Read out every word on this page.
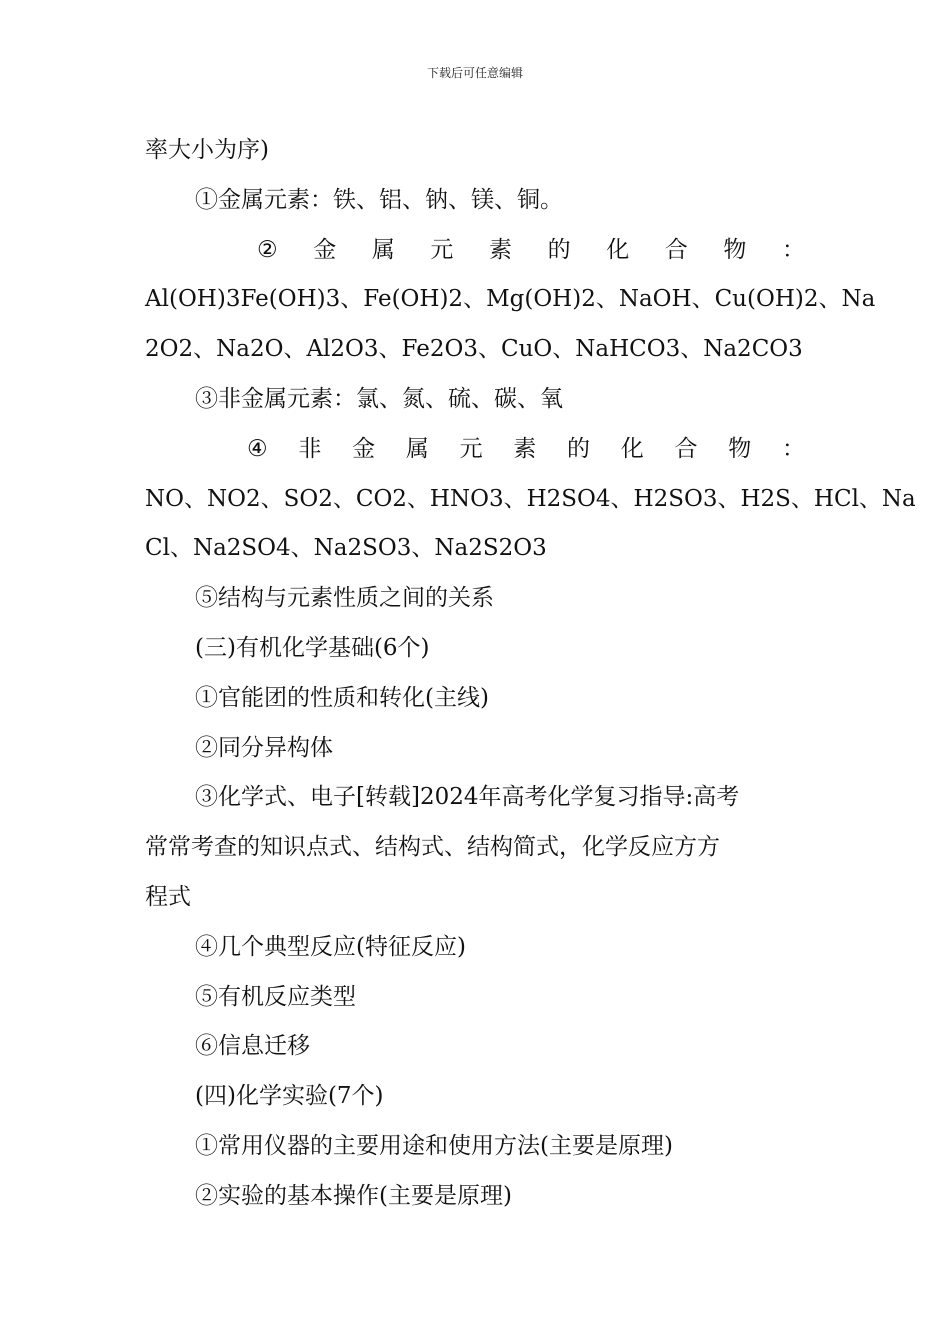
下载后可任意编辑
率大小为序)
①金属元素：铁、铝、钠、镁、铜。
② 金 属 元 素 的 化 合 物 ：
Al(OH)3Fe(OH)3、Fe(OH)2、Mg(OH)2、NaOH、Cu(OH)2、Na
2O2、Na2O、Al2O3、Fe2O3、CuO、NaHCO3、Na2CO3
③非金属元素：氯、氮、硫、碳、氧
④ 非 金 属 元 素 的 化 合 物 ：
NO、NO2、SO2、CO2、HNO3、H2SO4、H2SO3、H2S、HCl、Na
Cl、Na2SO4、Na2SO3、Na2S2O3
⑤结构与元素性质之间的关系
(三)有机化学基础(6个)
①官能团的性质和转化(主线)
②同分异构体
③化学式、电子[转载]2024年高考化学复习指导:高考
常常考查的知识点式、结构式、结构简式，化学反应方方
程式
④几个典型反应(特征反应)
⑤有机反应类型
⑥信息迁移
(四)化学实验(7个)
①常用仪器的主要用途和使用方法(主要是原理)
②实验的基本操作(主要是原理)
